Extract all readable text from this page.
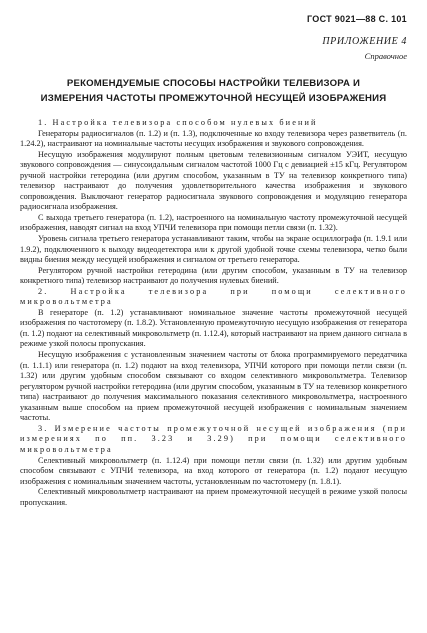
ГОСТ 9021—88 С. 101
ПРИЛОЖЕНИЕ 4
Справочное
РЕКОМЕНДУЕМЫЕ СПОСОБЫ НАСТРОЙКИ ТЕЛЕВИЗОРА И
ИЗМЕРЕНИЯ ЧАСТОТЫ ПРОМЕЖУТОЧНОЙ НЕСУЩЕЙ ИЗОБРАЖЕНИЯ

1. Настройка телевизора способом нулевых биений

Генераторы радиосигналов (п. 1.2) и (п. 1.3), подключенные ко входу телевизора через разветвитель (п. 1.24.2), настраивают на номинальные частоты несущих изображения и звукового сопровождения.

Несущую изображения модулируют полным цветовым телевизионным сигналом УЭИТ, несущую звукового сопровождения — синусоидальным сигналом частотой 1000 Гц с девиацией ±15 кГц. Регулятором ручной настройки гетеродина (или другим способом, указанным в ТУ на телевизор конкретного типа) телевизор настраивают до получения удовлетворительного качества изображения и звукового сопровождения. Выключают генератор радиосигнала звукового сопровождения и модуляцию генератора радиосигнала изображения.

С выхода третьего генератора (п. 1.2), настроенного на номинальную частоту промежуточной несущей изображения, наводят сигнал на вход УПЧИ телевизора при помощи петли связи (п. 1.32).

Уровень сигнала третьего генератора устанавливают таким, чтобы на экране осциллографа (п. 1.9.1 или 1.9.2), подключенного к выходу видеодетектора или к другой удобной точке схемы телевизора, четко были видны биения между несущей изображения и сигналом от третьего генератора.

Регулятором ручной настройки гетеродина (или другим способом, указанным в ТУ на телевизор конкретного типа) телевизор настраивают до получения нулевых биений.

2. Настройка телевизора при помощи селективного микровольтметра

В генераторе (п. 1.2) устанавливают номинальное значение частоты промежуточной несущей изображения по частотомеру (п. 1.8.2). Установленную промежуточную несущую изображения от генератора (п. 1.2) подают на селективный микровольтметр (п. 1.12.4), который настраивают на прием данного сигнала в режиме узкой полосы пропускания.

Несущую изображения с установленным значением частоты от блока программируемого передатчика (п. 1.1.1) или генератора (п. 1.2) подают на вход телевизора, УПЧИ которого при помощи петли связи (п. 1.32) или другим удобным способом связывают со входом селективного микровольтметра. Телевизор регулятором ручной настройки гетеродина (или другим способом, указанным в ТУ на телевизор конкретного типа) настраивают до получения максимального показания селективного микровольтметра, настроенного указанным выше способом на прием промежуточной несущей изображения с номинальным значением частоты.

3. Измерение частоты промежуточной несущей изображения (при измерениях по пп. 3.23 и 3.29) при помощи селективного микровольтметра

Селективный микровольтметр (п. 1.12.4) при помощи петли связи (п. 1.32) или другим удобным способом связывают с УПЧИ телевизора, на вход которого от генератора (п. 1.2) подают несущую изображения с номинальным значением частоты, установленным по частотомеру (п. 1.8.1).

Селективный микровольтметр настраивают на прием промежуточной несущей в режиме узкой полосы пропускания.
